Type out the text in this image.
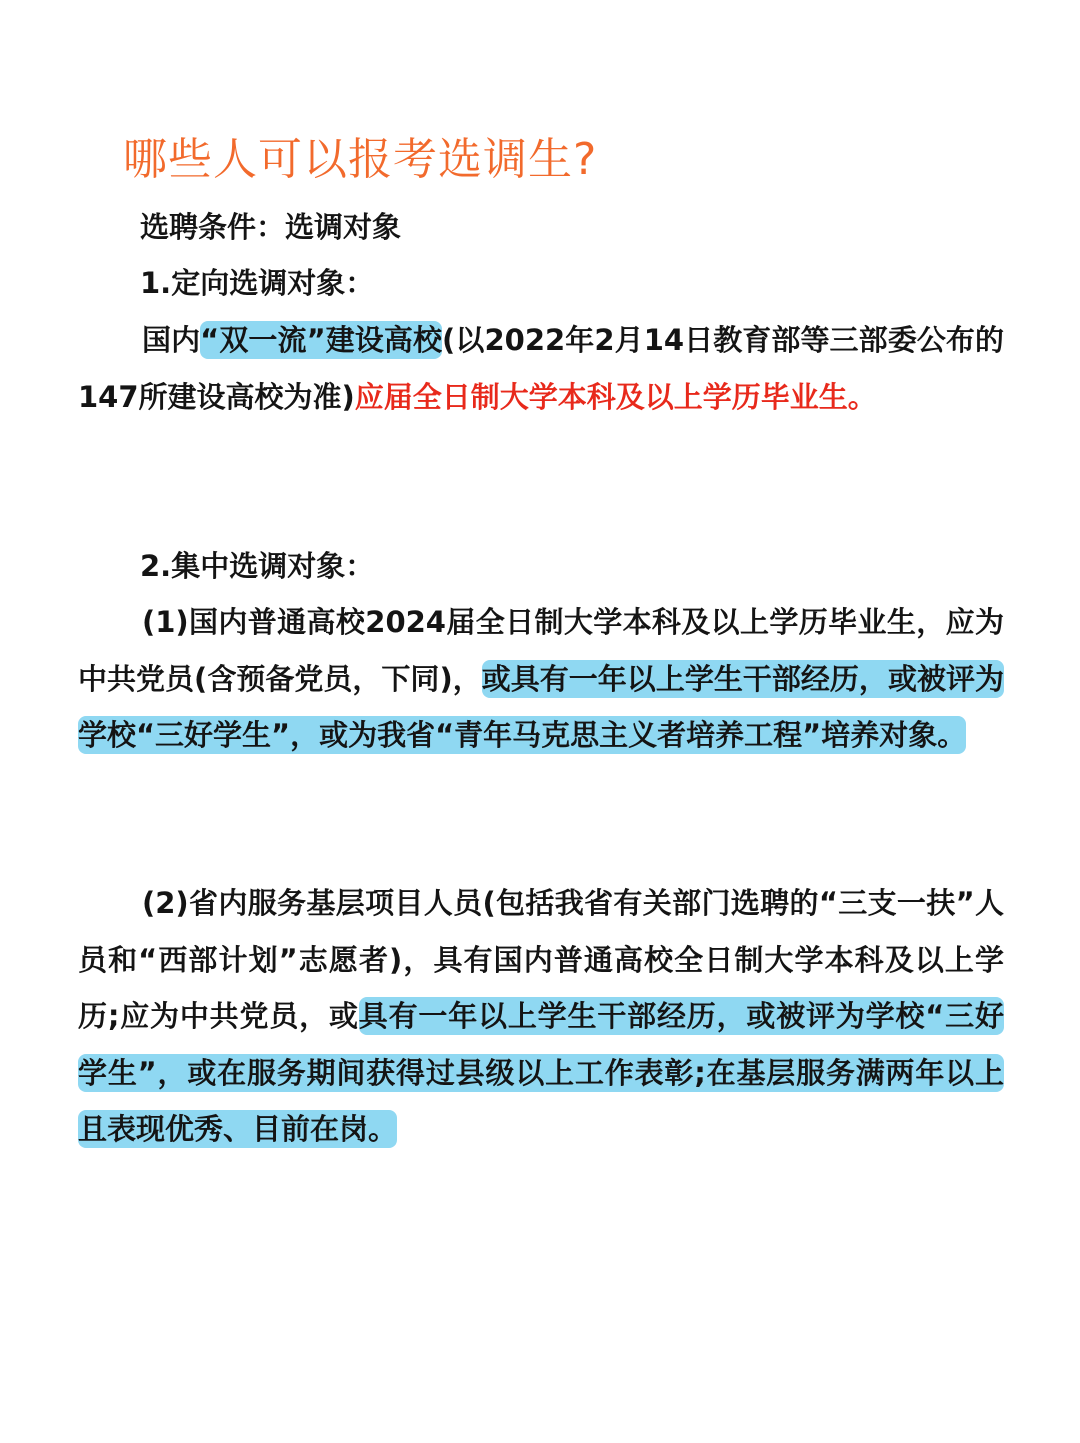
哪些人可以报考选调生?
选聘条件：选调对象
1.定向选调对象：
国内“双一流”建设高校(以2022年2月14日教育部等三部委公布的147所建设高校为准)应届全日制大学本科及以上学历毕业生。
2.集中选调对象：
(1)国内普通高校2024届全日制大学本科及以上学历毕业生，应为中共党员(含预备党员，下同)，或具有一年以上学生干部经历，或被评为学校“三好学生”，或为我省“青年马克思主义者培养工程”培养对象。
(2)省内服务基层项目人员(包括我省有关部门选聘的“三支一扶”人员和“西部计划”志愿者)，具有国内普通高校全日制大学本科及以上学历;应为中共党员，或具有一年以上学生干部经历，或被评为学校“三好学生”，或在服务期间获得过县级以上工作表彰;在基层服务满两年以上且表现优秀、目前在岗。
